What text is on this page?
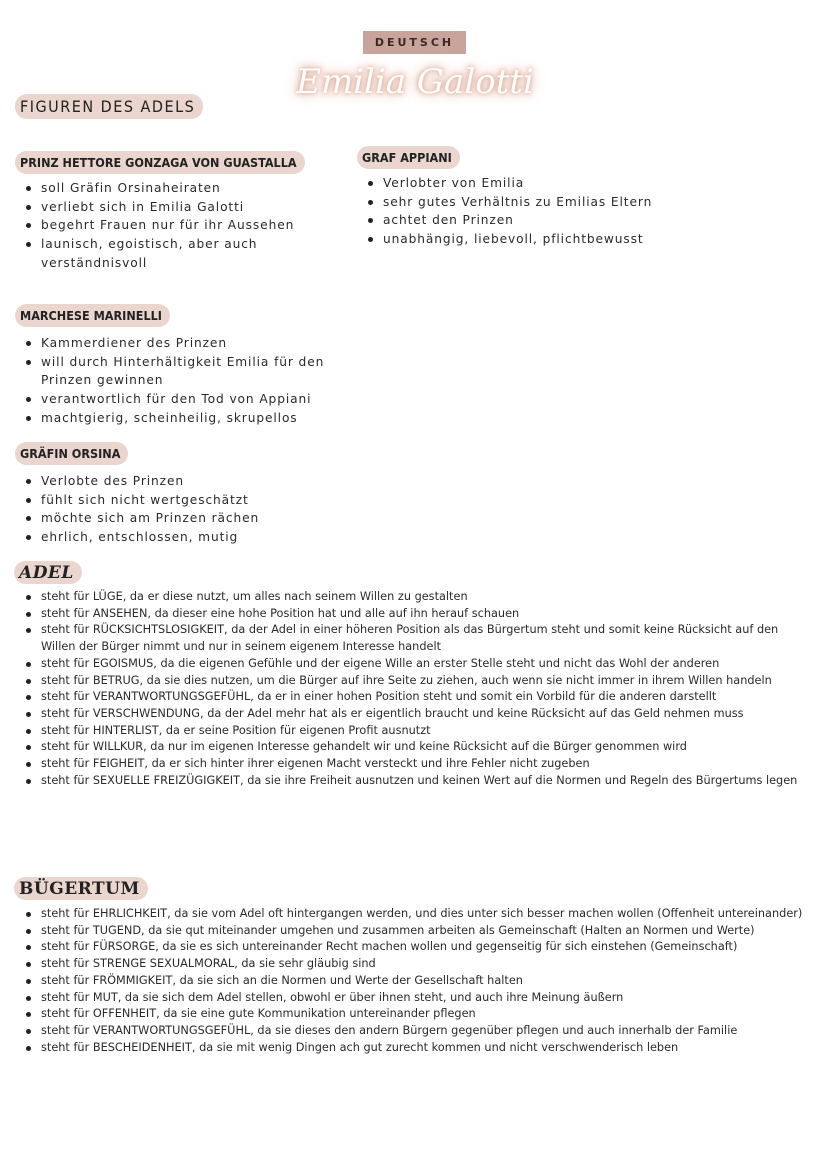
DEUTSCH
Emilia Galotti
FIGUREN DES ADELS
PRINZ HETTORE GONZAGA VON GUASTALLA
soll Gräfin Orsinaheiraten
verliebt sich in Emilia Galotti
begehrt Frauen nur für ihr Aussehen
launisch, egoistisch, aber auch verständnisvoll
GRAF APPIANI
Verlobter von Emilia
sehr gutes Verhältnis zu Emilias Eltern
achtet den Prinzen
unabhängig, liebevoll, pflichtbewusst
MARCHESE MARINELLI
Kammerdiener des Prinzen
will durch Hinterhältigkeit Emilia für den Prinzen gewinnen
verantwortlich für den Tod von Appiani
machtgierig, scheinheilig, skrupellos
GRÄFIN ORSINA
Verlobte des Prinzen
fühlt sich nicht wertgeschätzt
möchte sich am Prinzen rächen
ehrlich, entschlossen, mutig
ADEL
steht für LÜGE, da er diese nutzt, um alles nach seinem Willen zu gestalten
steht für ANSEHEN, da dieser eine hohe Position hat und alle auf ihn herauf schauen
steht für RÜCKSICHTSLOSIGKEIT, da der Adel in einer höheren Position als das Bürgertum steht und somit keine Rücksicht auf den Willen der Bürger nimmt und nur in seinem eigenem Interesse handelt
steht für EGOISMUS, da die eigenen Gefühle und der eigene Wille an erster Stelle steht und nicht das Wohl der anderen
steht für BETRUG, da sie dies nutzen, um die Bürger auf ihre Seite zu ziehen, auch wenn sie nicht immer in ihrem Willen handeln
steht für VERANTWORTUNGSGEFÜHL, da er in einer hohen Position steht und somit ein Vorbild für die anderen darstellt
steht für VERSCHWENDUNG, da der Adel mehr hat als er eigentlich braucht und keine Rücksicht auf das Geld nehmen muss
steht für HINTERLIST, da er seine Position für eigenen Profit ausnutzt
steht für WILLKUR, da nur im eigenen Interesse gehandelt wir und keine Rücksicht auf die Bürger genommen wird
steht für FEIGHEIT, da er sich hinter ihrer eigenen Macht versteckt und ihre Fehler nicht zugeben
steht für SEXUELLE FREIZÜGIGKEIT, da sie ihre Freiheit ausnutzen und keinen Wert auf die Normen und Regeln des Bürgertums legen
BÜGERTUM
steht für EHRLICHKEIT, da sie vom Adel oft hintergangen werden, und dies unter sich besser machen wollen (Offenheit untereinander)
steht für TUGEND, da sie qut miteinander umgehen und zusammen arbeiten als Gemeinschaft (Halten an Normen und Werte)
steht für FÜRSORGE, da sie es sich untereinander Recht machen wollen und gegenseitig für sich einstehen (Gemeinschaft)
steht für STRENGE SEXUALMORAL, da sie sehr gläubig sind
steht für FRÖMMIGKEIT, da sie sich an die Normen und Werte der Gesellschaft halten
steht für MUT, da sie sich dem Adel stellen, obwohl er über ihnen steht, und auch ihre Meinung äußern
steht für OFFENHEIT, da sie eine gute Kommunikation untereinander pflegen
steht für VERANTWORTUNGSGEFÜHL, da sie dieses den andern Bürgern gegenüber pflegen und auch innerhalb der Familie
steht für BESCHEIDENHEIT, da sie mit wenig Dingen ach gut zurecht kommen und nicht verschwenderisch leben
